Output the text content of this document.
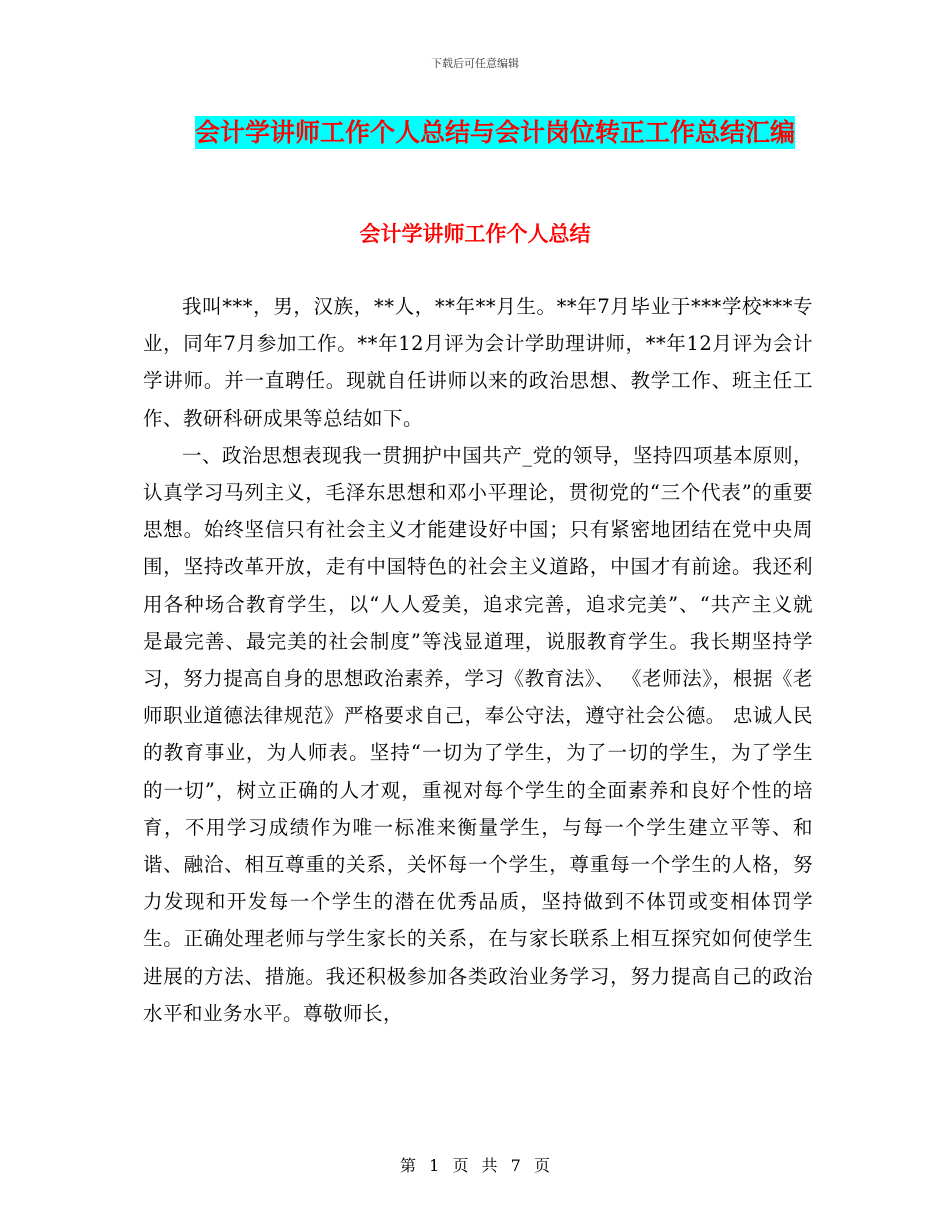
下载后可任意编辑
会计学讲师工作个人总结与会计岗位转正工作总结汇编
会计学讲师工作个人总结

我叫***，男，汉族，**人，**年**月生。**年7月毕业于***学校***专业，同年7月参加工作。**年12月评为会计学助理讲师，**年12月评为会计学讲师。并一直聘任。现就自任讲师以来的政治思想、教学工作、班主任工作、教研科研成果等总结如下。

一、政治思想表现我一贯拥护中国共产_党的领导，坚持四项基本原则，认真学习马列主义，毛泽东思想和邓小平理论，贯彻党的“三个代表”的重要思想。始终坚信只有社会主义才能建设好中国；只有紧密地团结在党中央周围，坚持改革开放，走有中国特色的社会主义道路，中国才有前途。我还利用各种场合教育学生，以“人人爱美，追求完善，追求完美”、“共产主义就是最完善、最完美的社会制度”等浅显道理，说服教育学生。我长期坚持学习，努力提高自身的思想政治素养，学习《教育法》、 《老师法》，根据《老师职业道德法律规范》严格要求自己，奉公守法，遵守社会公德。 忠诚人民的教育事业，为人师表。坚持“一切为了学生，为了一切的学生，为了学生的一切”，树立正确的人才观，重视对每个学生的全面素养和良好个性的培育，不用学习成绩作为唯一标准来衡量学生，与每一个学生建立平等、和谐、融洽、相互尊重的关系，关怀每一个学生，尊重每一个学生的人格，努力发现和开发每一个学生的潜在优秀品质，坚持做到不体罚或变相体罚学生。正确处理老师与学生家长的关系，在与家长联系上相互探究如何使学生进展的方法、措施。我还积极参加各类政治业务学习，努力提高自己的政治水平和业务水平。尊敬师长，

第 1 页 共 7 页
